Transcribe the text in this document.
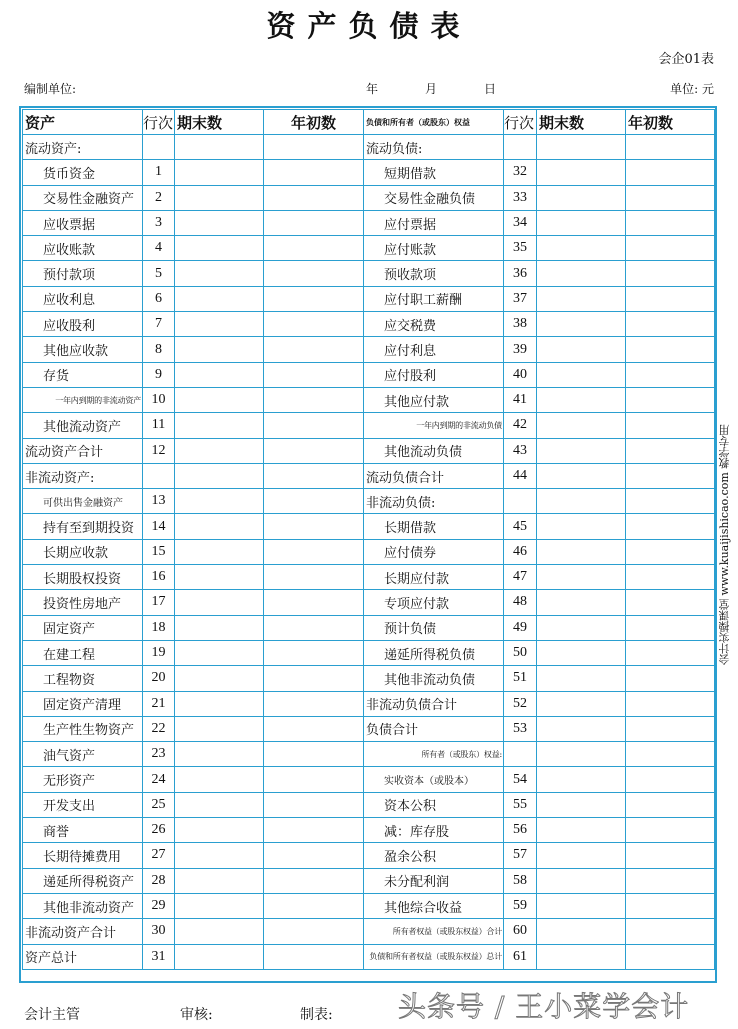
资产负债表
会企01表
编制单位:	年	月	日	单位: 元
资产	行次	期末数	年初数	负债和所有者（或股东）权益	行次	期末数	年初数
流动资产:				流动负债:			
货币资金	1			短期借款	32		
交易性金融资产	2			交易性金融负债	33		
应收票据	3			应付票据	34		
应收账款	4			应付账款	35		
预付款项	5			预收款项	36		
应收利息	6			应付职工薪酬	37		
应收股利	7			应交税费	38		
其他应收款	8			应付利息	39		
存货	9			应付股利	40		
一年内到期的非流动资产	10			其他应付款	41		
其他流动资产	11			一年内到期的非流动负债	42		
流动资产合计	12			其他流动负债	43		
非流动资产:				流动负债合计	44		
可供出售金融资产	13			非流动负债:			
持有至到期投资	14			长期借款	45		
长期应收款	15			应付债券	46		
长期股权投资	16			长期应付款	47		
投资性房地产	17			专项应付款	48		
固定资产	18			预计负债	49		
在建工程	19			递延所得税负债	50		
工程物资	20			其他非流动负债	51		
固定资产清理	21			非流动负债合计	52		
生产性生物资产	22			负债合计	53		
油气资产	23			所有者（或股东）权益:			
无形资产	24			实收资本（或股本）	54		
开发支出	25			资本公积	55		
商誉	26			减：库存股	56		
长期待摊费用	27			盈余公积	57		
递延所得税资产	28			未分配利润	58		
其他非流动资产	29			其他综合收益	59		
非流动资产合计	30			所有者权益（或股东权益）合计	60		
资产总计	31			负债和所有者权益（或股东权益）总计	61		
会计实操课堂 www.kuaijishicao.com 教学专用
会计主管	审核:	制表: 头条号 / 王小菜学会计
